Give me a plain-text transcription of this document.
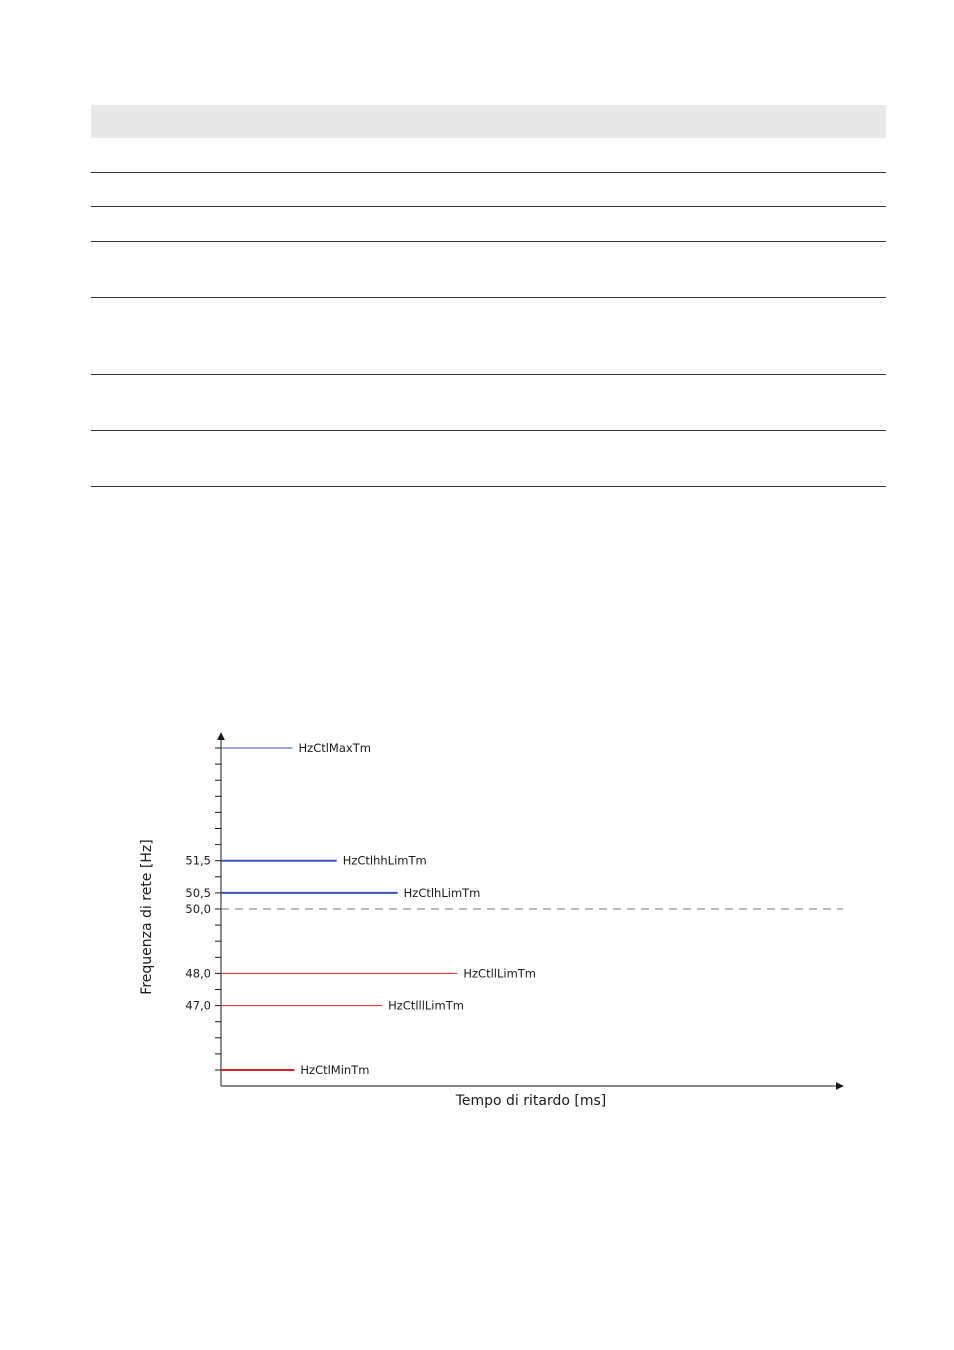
51,5
50,5
50,0
48,0
47,0
HzCtlMaxTm
HzCtlhhLimTm
HzCtlhLimTm
HzCtllLimTm
HzCtlllLimTm
HzCtlMinTm
Tempo di ritardo [ms]
Frequenza di rete [Hz]
